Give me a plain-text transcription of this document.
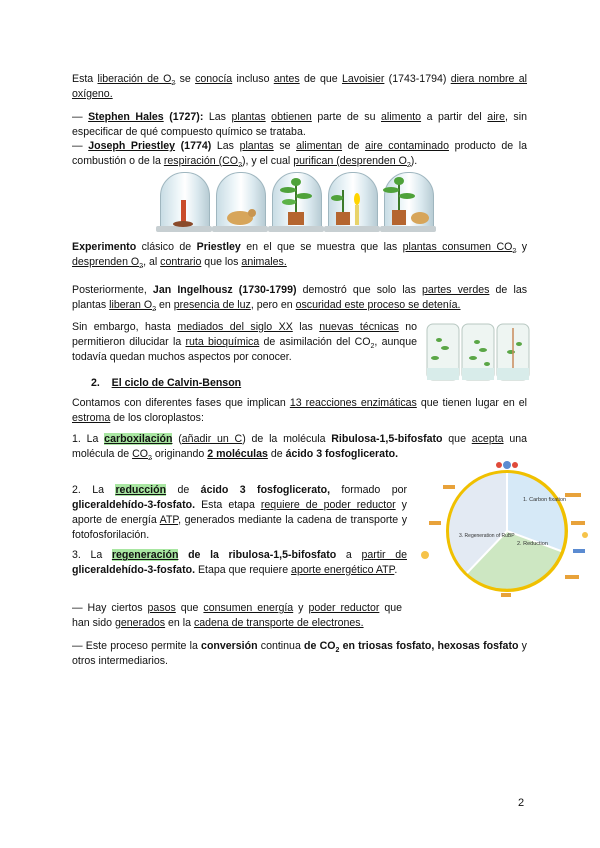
Esta liberación de $O_2$ se conocía incluso antes de que Lavoisier (1743-1794) diera nombre al oxígeno.

— Stephen Hales (1727): Las plantas obtienen parte de su alimento a partir del aire, sin especificar de qué compuesto químico se trataba.

— Joseph Priestley (1774) Las plantas se alimentan de aire contaminado producto de la combustión o de la respiración $(CO_2)$, y el cual purifican (desprenden $O_2$).

Experimento clásico de Priestley en el que se muestra que las plantas consumen $CO_2$ y desprenden $O_2$, al contrario que los animales.

Posteriormente, Jan Ingelhousz (1730-1799) demostró que solo las partes verdes de las plantas liberan $O_2$ en presencia de luz, pero en oscuridad este proceso se detenía.

Sin embargo, hasta mediados del siglo XX las nuevas técnicas no permitieron dilucidar la ruta bioquímica de asimilación del $CO_2$, aunque todavía quedan muchos aspectos por conocer.

2. El ciclo de Calvin-Benson

Contamos con diferentes fases que implican 13 reacciones enzimáticas que tienen lugar en el estroma de los cloroplastos:

1. La carboxilación (añadir un C) de la molécula Ribulosa-1,5-bifosfato que acepta una molécula de $CO_2$ originando 2 moléculas de ácido 3 fosfoglicerato.

2. La reducción de ácido 3 fosfoglicerato, formado por gliceraldehído-3-fosfato. Esta etapa requiere de poder reductor y aporte de energía ATP, generados mediante la cadena de transporte y fotofosforilación.

3. La regeneración de la ribulosa-1,5-bifosfato a partir de gliceraldehído-3-fosfato. Etapa que requiere aporte energético ATP.

— Hay ciertos pasos que consumen energía y poder reductor que han sido generados en la cadena de transporte de electrones.

— Este proceso permite la conversión continua de $CO_2$ en triosas fosfato, hexosas fosfato y otros intermediarios.

1. Carbon fixation
2. Reduction
3. Regeneration of RuBP
2
